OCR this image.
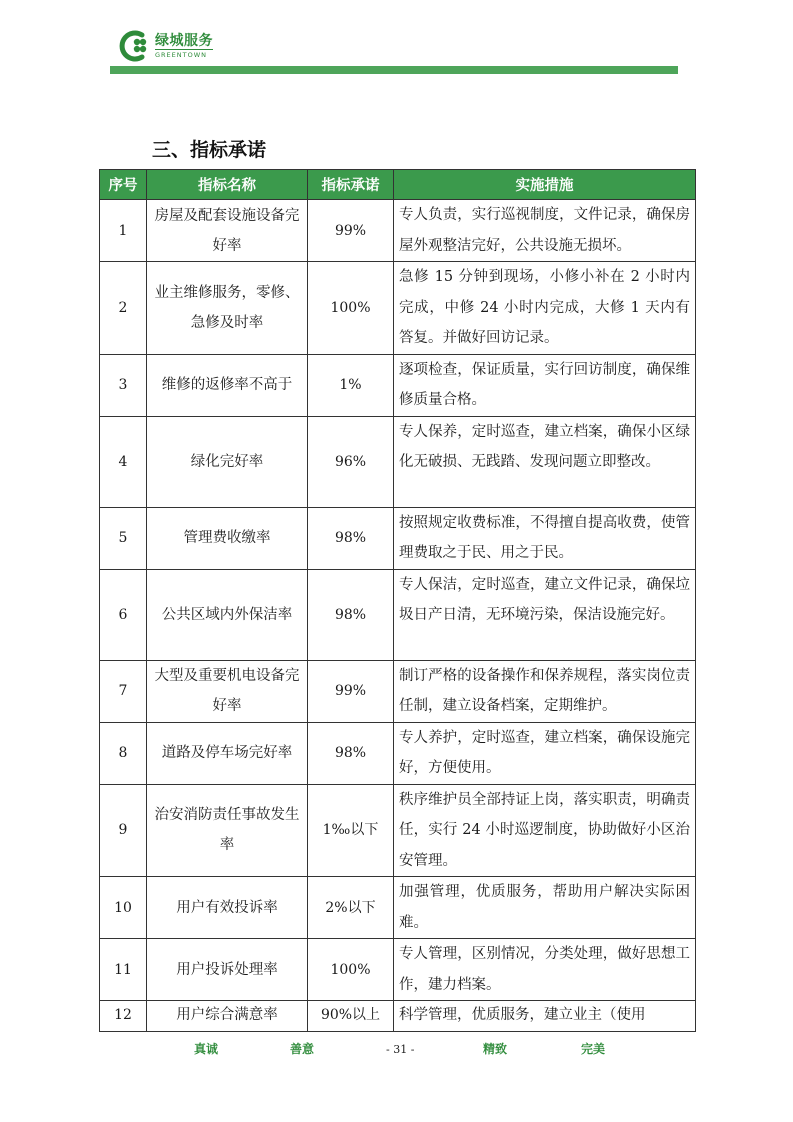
绿城服务
GREENTOWN
三、指标承诺
序号	指标名称	指标承诺	实施措施
1	房屋及配套设施设备完好率	99%	专人负责，实行巡视制度，文件记录，确保房屋外观整洁完好，公共设施无损坏。
2	业主维修服务，零修、急修及时率	100%	急修 15 分钟到现场，小修小补在 2 小时内完成，中修 24 小时内完成，大修 1 天内有答复。并做好回访记录。
3	维修的返修率不高于	1%	逐项检查，保证质量，实行回访制度，确保维修质量合格。
4	绿化完好率	96%	专人保养，定时巡查，建立档案，确保小区绿化无破损、无践踏、发现问题立即整改。
5	管理费收缴率	98%	按照规定收费标准，不得擅自提高收费，使管理费取之于民、用之于民。
6	公共区域内外保洁率	98%	专人保洁，定时巡查，建立文件记录，确保垃圾日产日清，无环境污染，保洁设施完好。
7	大型及重要机电设备完好率	99%	制订严格的设备操作和保养规程，落实岗位责任制，建立设备档案，定期维护。
8	道路及停车场完好率	98%	专人养护，定时巡查，建立档案，确保设施完好，方便使用。
9	治安消防责任事故发生率	1‰以下	秩序维护员全部持证上岗，落实职责，明确责任，实行 24 小时巡逻制度，协助做好小区治安管理。
10	用户有效投诉率	2%以下	加强管理，优质服务，帮助用户解决实际困难。
11	用户投诉处理率	100%	专人管理，区别情况，分类处理，做好思想工作，建力档案。
12	用户综合满意率	90%以上	科学管理，优质服务，建立业主（使用
真诚	善意	- 31 -	精致	完美
